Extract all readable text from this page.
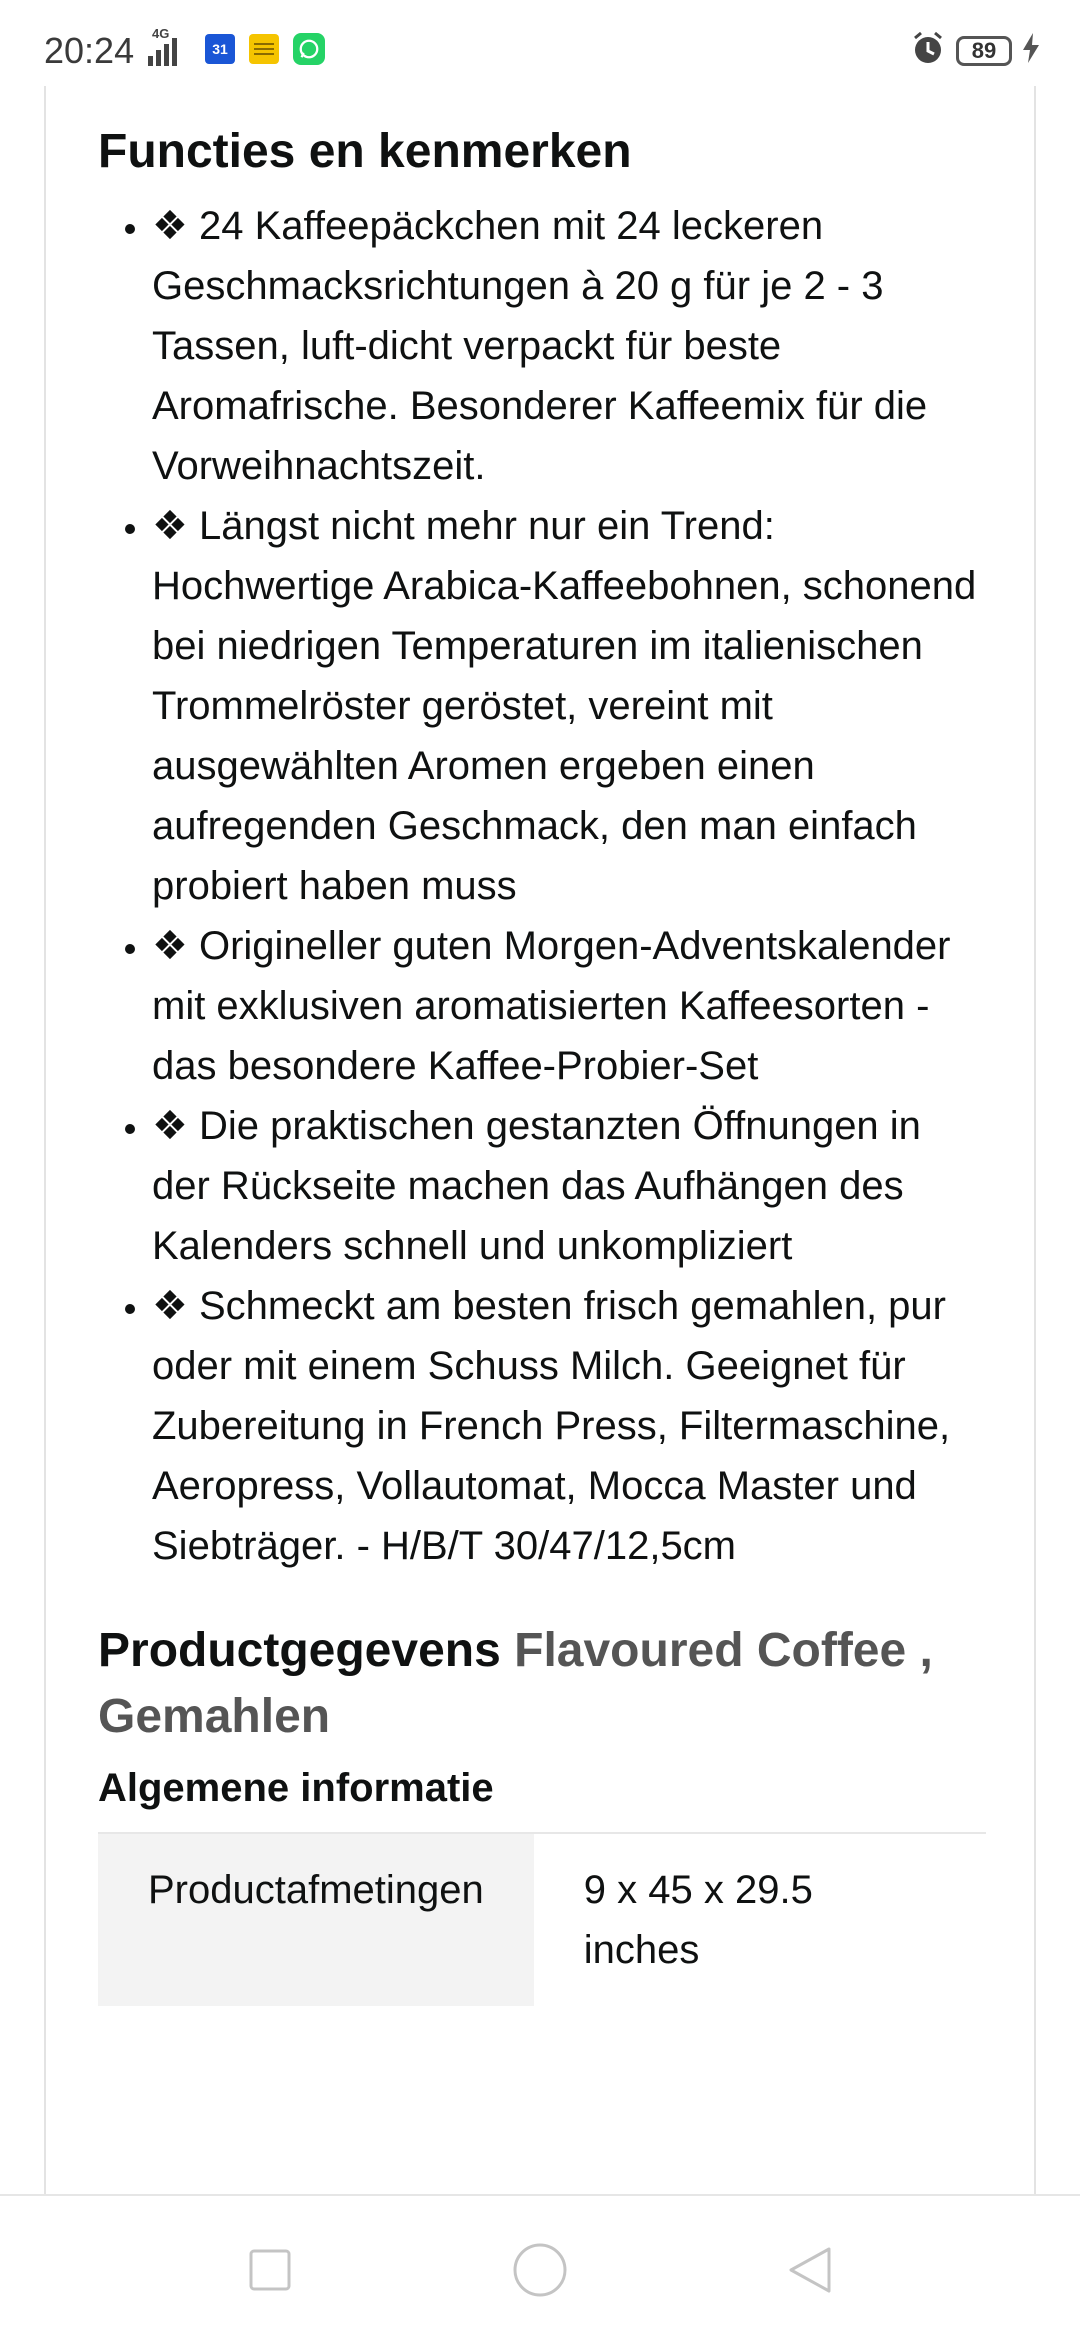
20:24 4G
31	89
Functies en kenmerken
• ❖ 24 Kaffeepäckchen mit 24 leckeren Geschmacksrichtungen à 20 g für je 2 - 3 Tassen, luft-dicht verpackt für beste Aromafrische. Besonderer Kaffeemix für die Vorweihnachtszeit.
• ❖ Längst nicht mehr nur ein Trend: Hochwertige Arabica-Kaffeebohnen, schonend bei niedrigen Temperaturen im italienischen Trommelröster geröstet, vereint mit ausgewählten Aromen ergeben einen aufregenden Geschmack, den man einfach probiert haben muss
• ❖ Origineller guten Morgen-Adventskalender mit exklusiven aromatisierten Kaffeesorten - das besondere Kaffee-Probier-Set
• ❖ Die praktischen gestanzten Öffnungen in der Rückseite machen das Aufhängen des Kalenders schnell und unkompliziert
• ❖ Schmeckt am besten frisch gemahlen, pur oder mit einem Schuss Milch. Geeignet für Zubereitung in French Press, Filtermaschine, Aeropress, Vollautomat, Mocca Master und Siebträger. - H/B/T 30/47/12,5cm
Productgegevens Flavoured Coffee , Gemahlen
Algemene informatie
Productafmetingen	9 x 45 x 29.5 inches
